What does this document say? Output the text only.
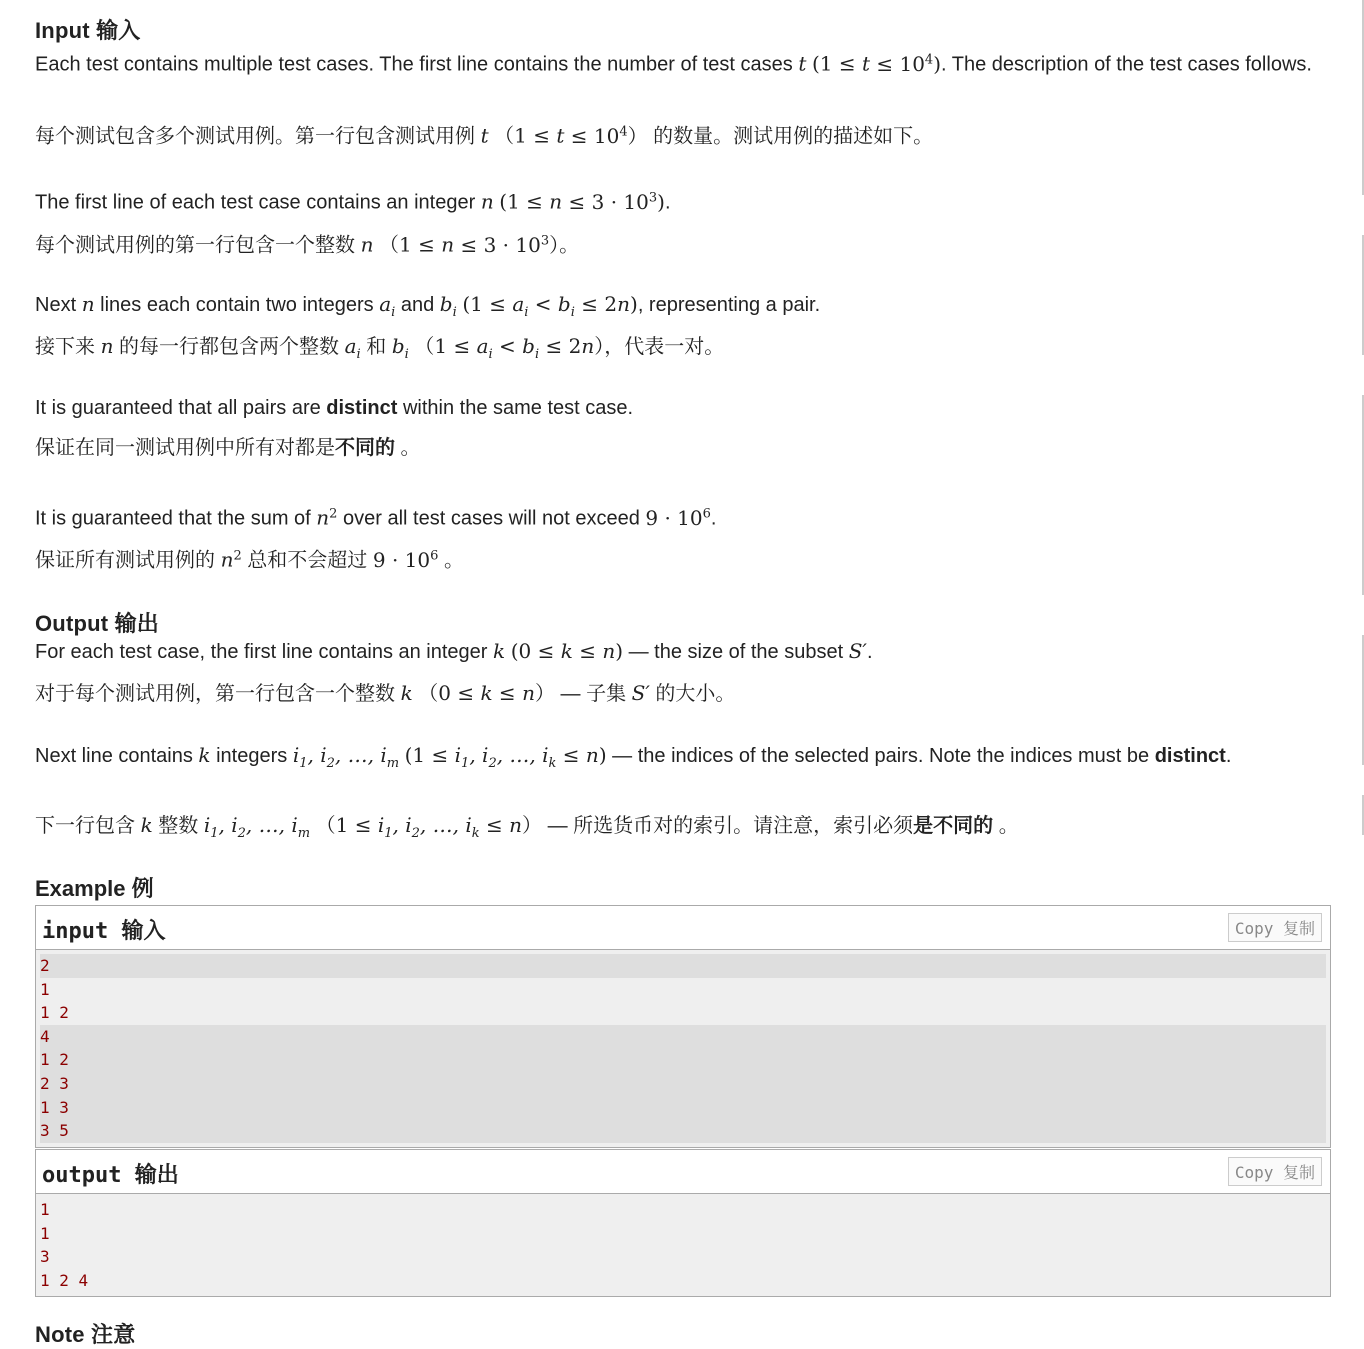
Input 输入
Each test contains multiple test cases. The first line contains the number of test cases t $(1 \le t \le 10^4)$. The description of the test cases follows.
每个测试包含多个测试用例。第一行包含测试用例 t $(1 \le t \le 10^4)$ 的数量。测试用例的描述如下。
The first line of each test case contains an integer n $(1 \le n \le 3 \cdot 10^3)$.
每个测试用例的第一行包含一个整数 n $(1 \le n \le 3 \cdot 10^3)$。
Next n lines each contain two integers $a_i$ and $b_i$ $(1 \le a_i < b_i \le 2n)$, representing a pair.
接下来 n 的每一行都包含两个整数 $a_i$ 和 $b_i$ $(1 \le a_i < b_i \le 2n)$，代表一对。
It is guaranteed that all pairs are distinct within the same test case.
保证在同一测试用例中所有对都是不同的 。
It is guaranteed that the sum of $n^2$ over all test cases will not exceed $9 \cdot 10^6$.
保证所有测试用例的 $n^2$ 总和不会超过 $9 \cdot 10^6$ 。
Output 输出
For each test case, the first line contains an integer k (0 ≤ k ≤ n) — the size of the subset S′.
对于每个测试用例，第一行包含一个整数 k （0 ≤ k ≤ n） — 子集 S′ 的大小。
Next line contains k integers $i_1$, $i_2$, …, $i_m$ ($1 \le i_1$, $i_2$, …, $i_k \le n$) — the indices of the selected pairs. Note the indices must be distinct.
下一行包含 k 整数 $i_1$, $i_2$, …, $i_m$ （$1 \le i_1$, $i_2$, …, $i_k \le n$） — 所选货币对的索引。请注意，索引必须是不同的 。
Example 例
input 输入	Copy 复制
2
1
1 2
4
1 2
2 3
1 3
3 5
output 输出	Copy 复制
1
1
3
1 2 4
Note 注意
